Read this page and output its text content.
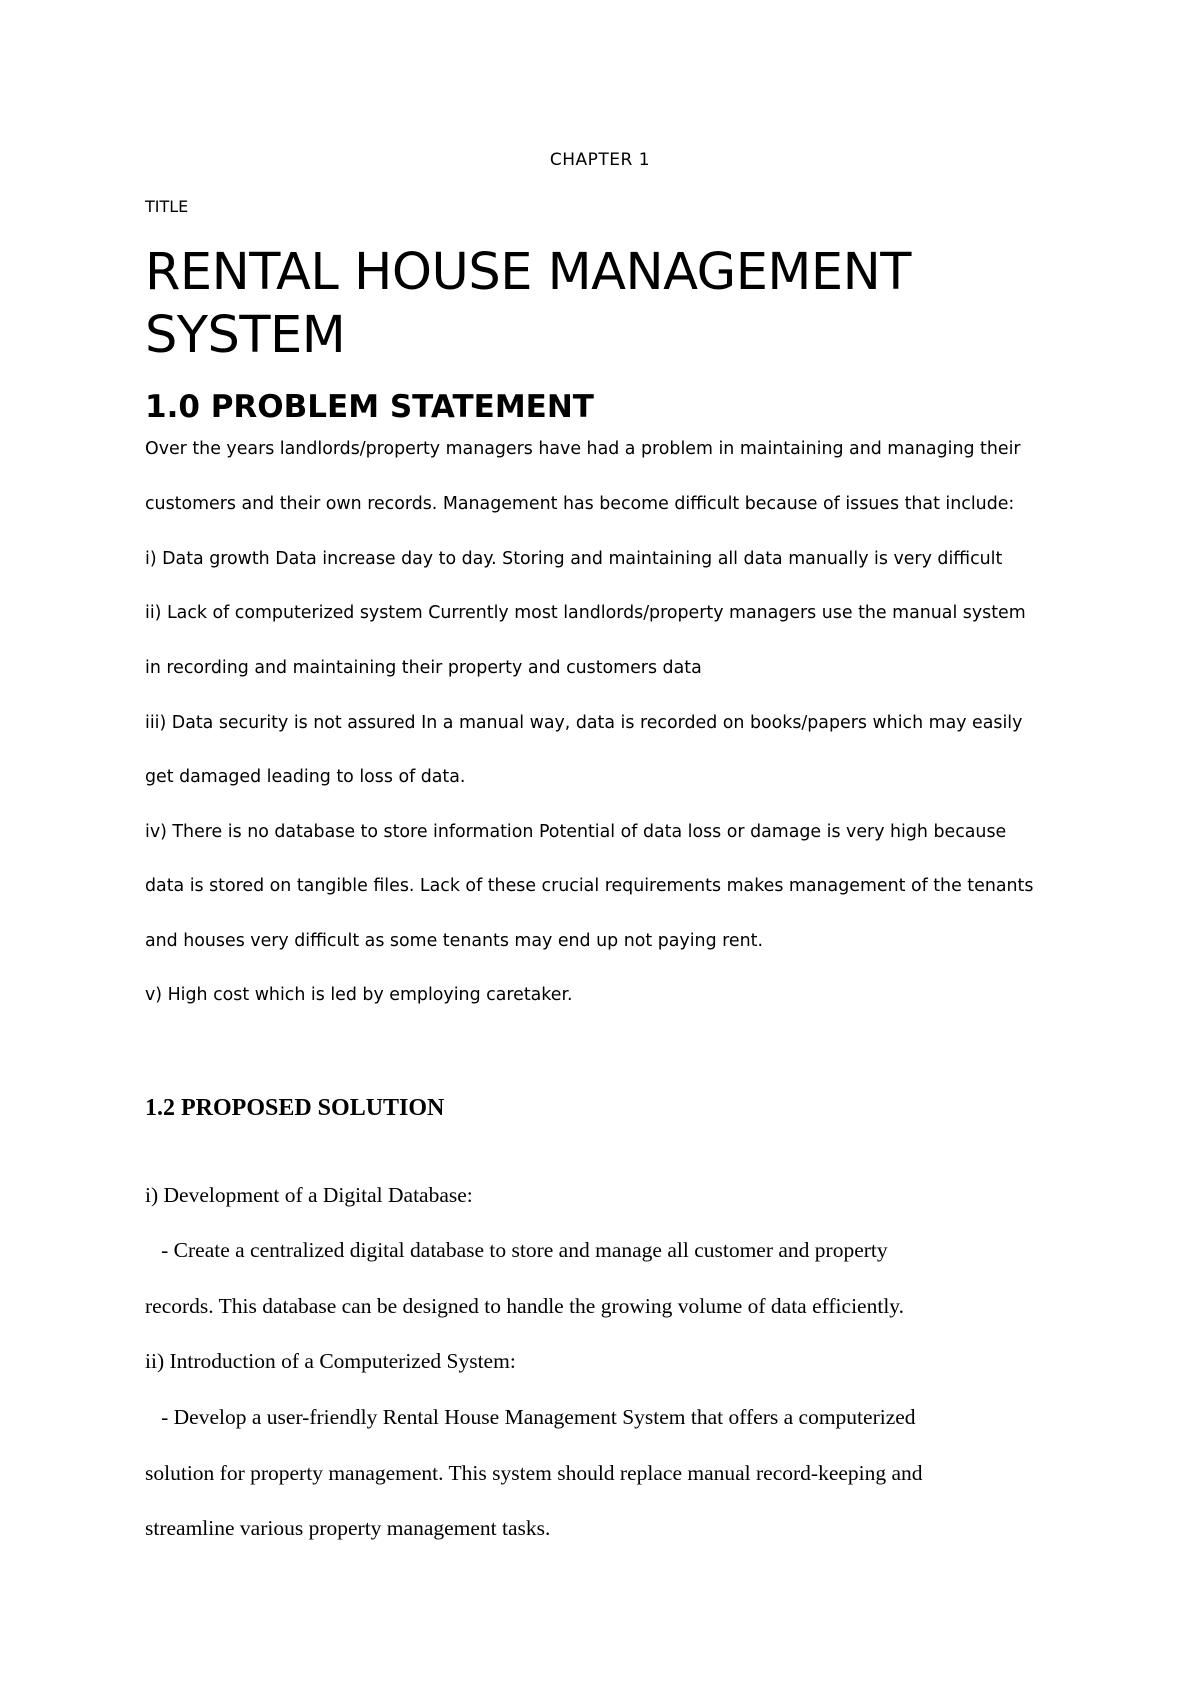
CHAPTER 1
TITLE
RENTAL HOUSE MANAGEMENT
SYSTEM
1.0 PROBLEM STATEMENT
Over the years landlords/property managers have had a problem in maintaining and managing their
customers and their own records. Management has become difficult because of issues that include:
i) Data growth Data increase day to day. Storing and maintaining all data manually is very difficult
ii) Lack of computerized system Currently most landlords/property managers use the manual system
in recording and maintaining their property and customers data
iii) Data security is not assured In a manual way, data is recorded on books/papers which may easily
get damaged leading to loss of data.
iv) There is no database to store information Potential of data loss or damage is very high because
data is stored on tangible files. Lack of these crucial requirements makes management of the tenants
and houses very difficult as some tenants may end up not paying rent.
v) High cost which is led by employing caretaker.
1.2 PROPOSED SOLUTION
i) Development of a Digital Database:
- Create a centralized digital database to store and manage all customer and property
records. This database can be designed to handle the growing volume of data efficiently.
ii) Introduction of a Computerized System:
- Develop a user-friendly Rental House Management System that offers a computerized
solution for property management. This system should replace manual record-keeping and
streamline various property management tasks.
